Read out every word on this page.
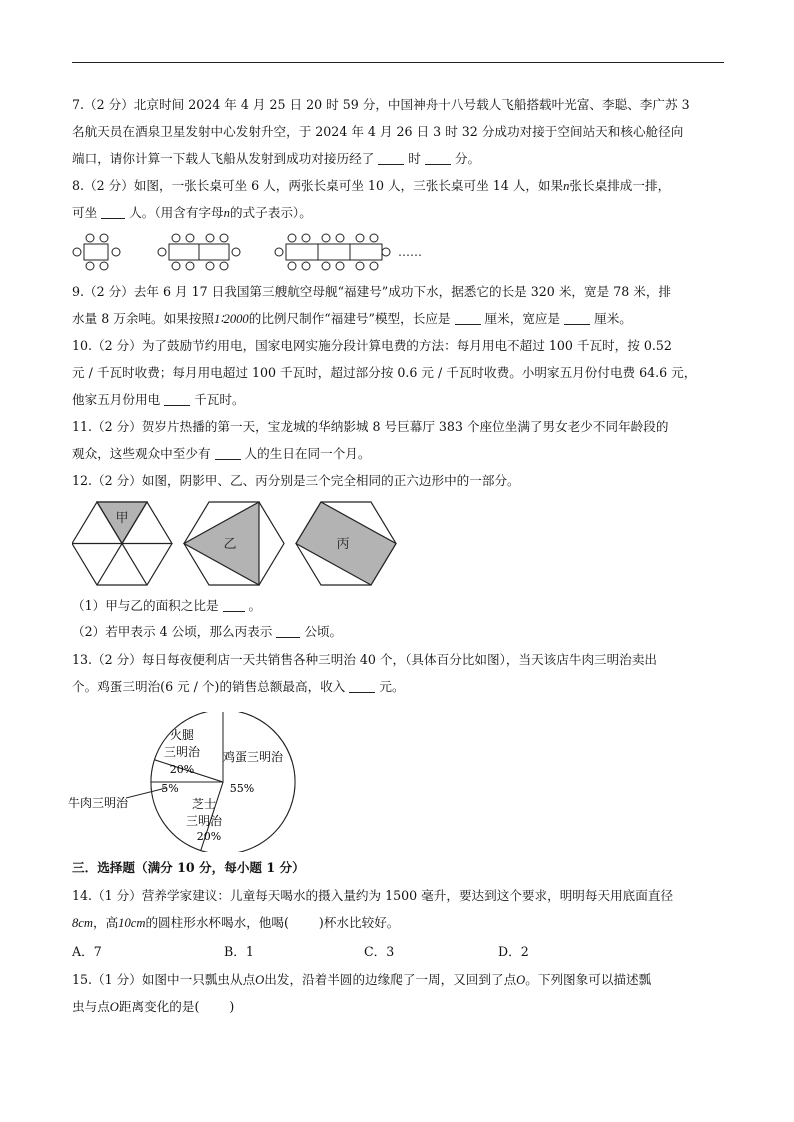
7.（2 分）北京时间 2024 年 4 月 25 日 20 时 59 分，中国神舟十八号载人飞船搭载叶光富、李聪、李广苏 3
名航天员在酒泉卫星发射中心发射升空，于 2024 年 4 月 26 日 3 时 32 分成功对接于空间站天和核心舱径向
端口，请你计算一下载人飞船从发射到成功对接历经了	时	分。
8.（2 分）如图，一张长桌可坐 6 人，两张长桌可坐 10 人，三张长桌可坐 14 人，如果n张长桌排成一排，
可坐	人。（用含有字母n的式子表示）。
……
9.（2 分）去年 6 月 17 日我国第三艘航空母舰“福建号”成功下水，据悉它的长是 320 米，宽是 78 米，排
水量 8 万余吨。如果按照1∶2000的比例尺制作“福建号”模型，长应是	厘米，宽应是	厘米。
10.（2 分）为了鼓励节约用电，国家电网实施分段计算电费的方法：每月用电不超过 100 千瓦时，按 0.52
元 / 千瓦时收费；每月用电超过 100 千瓦时，超过部分按 0.6 元 / 千瓦时收费。小明家五月份付电费 64.6 元，
他家五月份用电	千瓦时。
11.（2 分）贺岁片热播的第一天，宝龙城的华纳影城 8 号巨幕厅 383 个座位坐满了男女老少不同年龄段的
观众，这些观众中至少有	人的生日在同一个月。
12.（2 分）如图，阴影甲、乙、丙分别是三个完全相同的正六边形中的一部分。
甲
乙	丙
（1）甲与乙的面积之比是 。
（2）若甲表示 4 公顷，那么丙表示	公顷。
13.（2 分）每日每夜便利店一天共销售各种三明治 40 个，（具体百分比如图），当天该店牛肉三明治卖出
个。鸡蛋三明治(6 元 / 个)的销售总额最高，收入	元。
火腿
三明治
20%
鸡蛋三明治
55%
牛肉三明治
5%
芝士
三明治
20%
三．选择题（满分 10 分，每小题 1 分）
14.（1 分）营养学家建议：儿童每天喝水的摄入量约为 1500 毫升，要达到这个要求，明明每天用底面直径
8cm，高10cm的圆柱形水杯喝水，他喝( )杯水比较好。
A．7	B．1	C．3	D．2
15.（1 分）如图中一只瓢虫从点O出发，沿着半圆的边缘爬了一周，又回到了点O。下列图象可以描述瓢
虫与点O距离变化的是( )
